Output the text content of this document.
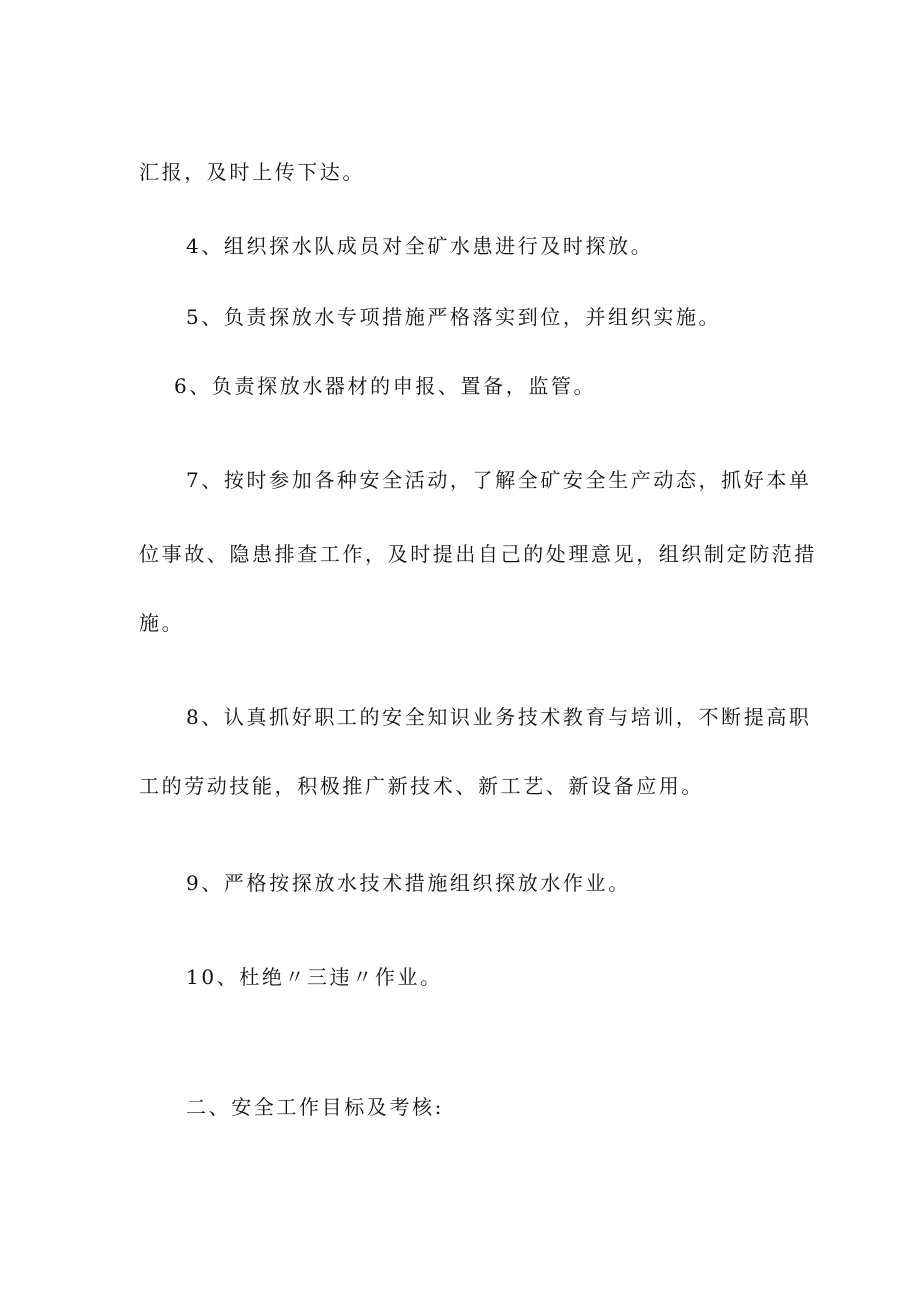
汇报，及时上传下达。
4、组织探水队成员对全矿水患进行及时探放。
5、负责探放水专项措施严格落实到位，并组织实施。
6、负责探放水器材的申报、置备，监管。
7、按时参加各种安全活动，了解全矿安全生产动态，抓好本单
位事故、隐患排查工作，及时提出自己的处理意见，组织制定防范措
施。
8、认真抓好职工的安全知识业务技术教育与培训，不断提高职
工的劳动技能，积极推广新技术、新工艺、新设备应用。
9、严格按探放水技术措施组织探放水作业。
10、杜绝〃三违〃作业。
二、安全工作目标及考核:
